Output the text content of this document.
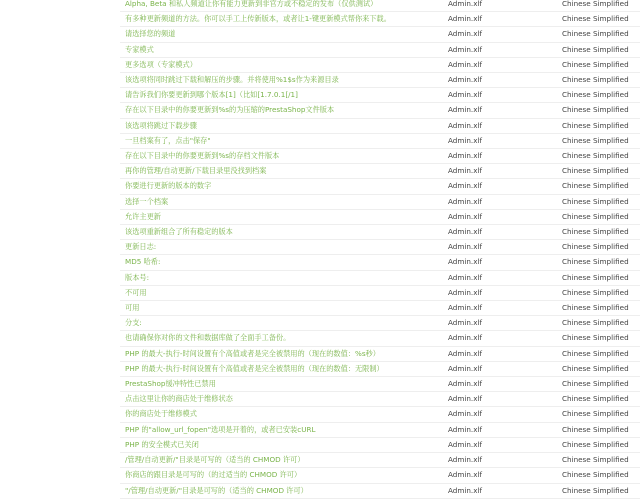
	Alpha, Beta 和私人频道让你有能力更新到非官方或不稳定的发布（仅供测试）	Admin.xlf	Chinese Simplified
	有多种更新频道的方法。你可以手工上传新版本，或者让1-键更新模式帮你来下载。	Admin.xlf	Chinese Simplified
	请选择您的频道	Admin.xlf	Chinese Simplified
	专家模式	Admin.xlf	Chinese Simplified
	更多选项（专家模式）	Admin.xlf	Chinese Simplified
	该选项将同时跳过下载和解压的步骤。并将使用%1$s作为来源目录	Admin.xlf	Chinese Simplified
	请告诉我们你要更新到哪个版本[1]（比如[1.7.0.1[/1]	Admin.xlf	Chinese Simplified
	存在以下目录中的你要更新到%s的为压缩的PrestaShop文件版本	Admin.xlf	Chinese Simplified
	该选项将跳过下载步骤	Admin.xlf	Chinese Simplified
	一旦档案有了，点击"保存"	Admin.xlf	Chinese Simplified
	存在以下目录中的你要更新到%s的存档文件版本	Admin.xlf	Chinese Simplified
	再你的管理/自动更新/下载目录里没找到档案	Admin.xlf	Chinese Simplified
	你要进行更新的版本的数字	Admin.xlf	Chinese Simplified
	选择一个档案	Admin.xlf	Chinese Simplified
	允许主更新	Admin.xlf	Chinese Simplified
	该选项重新组合了所有稳定的版本	Admin.xlf	Chinese Simplified
	更新日志:	Admin.xlf	Chinese Simplified
	MD5 哈希:	Admin.xlf	Chinese Simplified
	版本号:	Admin.xlf	Chinese Simplified
	不可用	Admin.xlf	Chinese Simplified
	可用	Admin.xlf	Chinese Simplified
	分支:	Admin.xlf	Chinese Simplified
	也请确保你对你的文件和数据库做了全面手工备份。	Admin.xlf	Chinese Simplified
	PHP 的最大-执行-时间设置有个高值或者是完全被禁用的（现在的数值：%s秒）	Admin.xlf	Chinese Simplified
	PHP 的最大-执行-时间设置有个高值或者是完全被禁用的（现在的数值：无限制）	Admin.xlf	Chinese Simplified
	PrestaShop缓冲特性已禁用	Admin.xlf	Chinese Simplified
	点击这里让你的商店处于维修状态	Admin.xlf	Chinese Simplified
	你的商店处于维修模式	Admin.xlf	Chinese Simplified
	PHP 的"allow_url_fopen"选项是开着的，或者已安装cURL	Admin.xlf	Chinese Simplified
	PHP 的安全模式已关闭	Admin.xlf	Chinese Simplified
	/管理/自动更新/"目录是可写的（适当的 CHMOD 许可）	Admin.xlf	Chinese Simplified
	你商店的跟目录是可写的（的过适当的 CHMOD 许可）	Admin.xlf	Chinese Simplified
	"/管理/自动更新/"目录是可写的（适当的 CHMOD 许可）	Admin.xlf	Chinese Simplified
